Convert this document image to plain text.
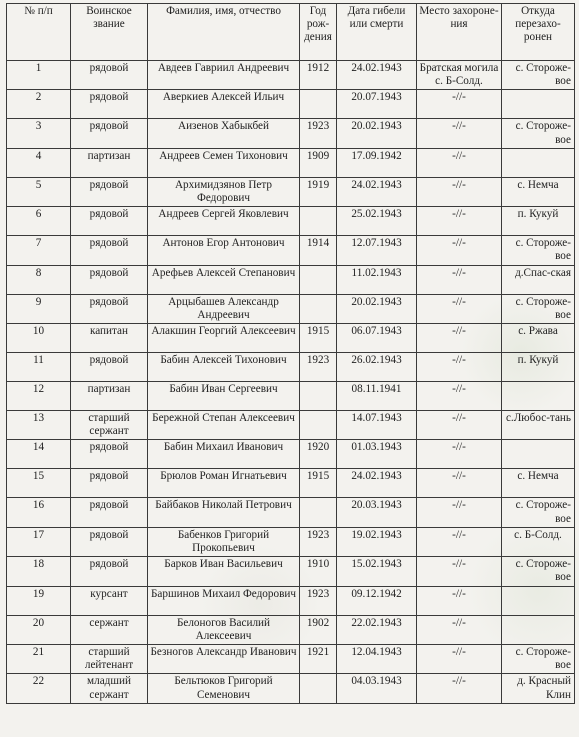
№ п/п	Воинское звание	Фамилия, имя, отчество	Год рож-дения	Дата гибели или смерти	Место захороне-ния	Откуда перезахо-ронен
1	рядовой	Авдеев Гавриил Андреевич	1912	24.02.1943	Братская могила с. Б-Солд.	с. Стороже-вое
2	рядовой	Аверкиев Алексей Ильич		20.07.1943	-//-	
3	рядовой	Аизенов Хабыкбей	1923	20.02.1943	-//-	с. Стороже-вое
4	партизан	Андреев Семен Тихонович	1909	17.09.1942	-//-	
5	рядовой	Архимидзянов Петр Федорович	1919	24.02.1943	-//-	с. Немча
6	рядовой	Андреев Сергей Яковлевич		25.02.1943	-//-	п. Кукуй
7	рядовой	Антонов Егор Антонович	1914	12.07.1943	-//-	с. Стороже-вое
8	рядовой	Арефьев Алексей Степанович		11.02.1943	-//-	д.Спас-ская
9	рядовой	Арцыбашев Александр Андреевич		20.02.1943	-//-	с. Стороже-вое
10	капитан	Алакшин Георгий Алексеевич	1915	06.07.1943	-//-	с. Ржава
11	рядовой	Бабин Алексей Тихонович	1923	26.02.1943	-//-	п. Кукуй
12	партизан	Бабин Иван Сергеевич		08.11.1941	-//-	
13	старший сержант	Бережной Степан Алексеевич		14.07.1943	-//-	с.Любос-тань
14	рядовой	Бабин Михаил Иванович	1920	01.03.1943	-//-	
15	рядовой	Брюлов Роман Игнатьевич	1915	24.02.1943	-//-	с. Немча
16	рядовой	Байбаков Николай Петрович		20.03.1943	-//-	с. Стороже-вое
17	рядовой	Бабенков Григорий Прокопьевич	1923	19.02.1943	-//-	с. Б-Солд.
18	рядовой	Барков Иван Васильевич	1910	15.02.1943	-//-	с. Стороже-вое
19	курсант	Баршинов Михаил Федорович	1923	09.12.1942	-//-	
20	сержант	Белоногов Василий Алексеевич	1902	22.02.1943	-//-	
21	старший лейтенант	Безногов Александр Иванович	1921	12.04.1943	-//-	с. Стороже-вое
22	младший сержант	Бельтюков Григорий Семенович		04.03.1943	-//-	д. Красный Клин
